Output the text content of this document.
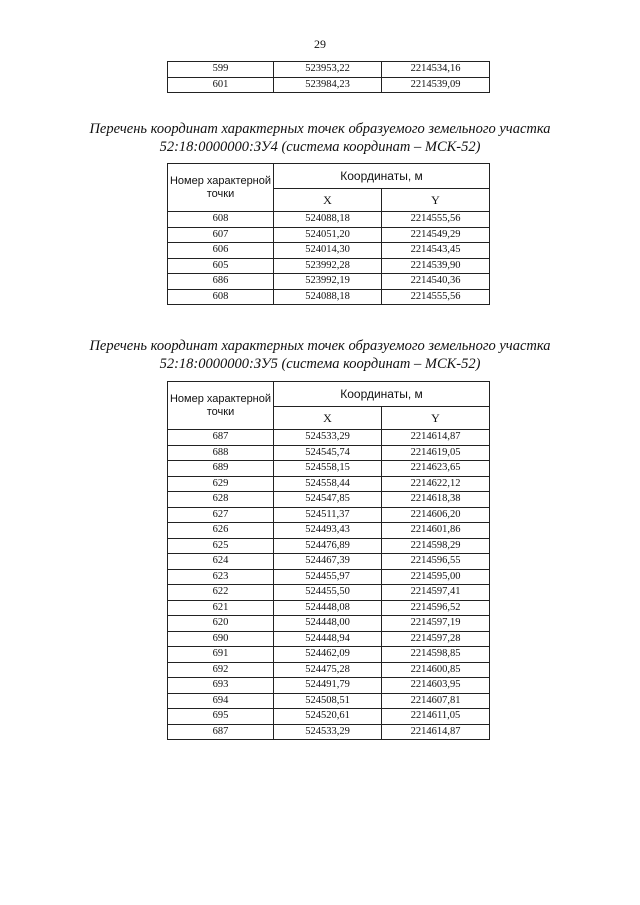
29
599	523953,22	2214534,16
601	523984,23	2214539,09
Перечень координат характерных точек образуемого земельного участка
52:18:0000000:ЗУ4 (система координат – МСК-52)
Номер характерной точки	Координаты, м	
	X	Y
608	524088,18	2214555,56
607	524051,20	2214549,29
606	524014,30	2214543,45
605	523992,28	2214539,90
686	523992,19	2214540,36
608	524088,18	2214555,56
Перечень координат характерных точек образуемого земельного участка
52:18:0000000:ЗУ5 (система координат – МСК-52)
Номер характерной точки	Координаты, м	
	X	Y
687	524533,29	2214614,87
688	524545,74	2214619,05
689	524558,15	2214623,65
629	524558,44	2214622,12
628	524547,85	2214618,38
627	524511,37	2214606,20
626	524493,43	2214601,86
625	524476,89	2214598,29
624	524467,39	2214596,55
623	524455,97	2214595,00
622	524455,50	2214597,41
621	524448,08	2214596,52
620	524448,00	2214597,19
690	524448,94	2214597,28
691	524462,09	2214598,85
692	524475,28	2214600,85
693	524491,79	2214603,95
694	524508,51	2214607,81
695	524520,61	2214611,05
687	524533,29	2214614,87
